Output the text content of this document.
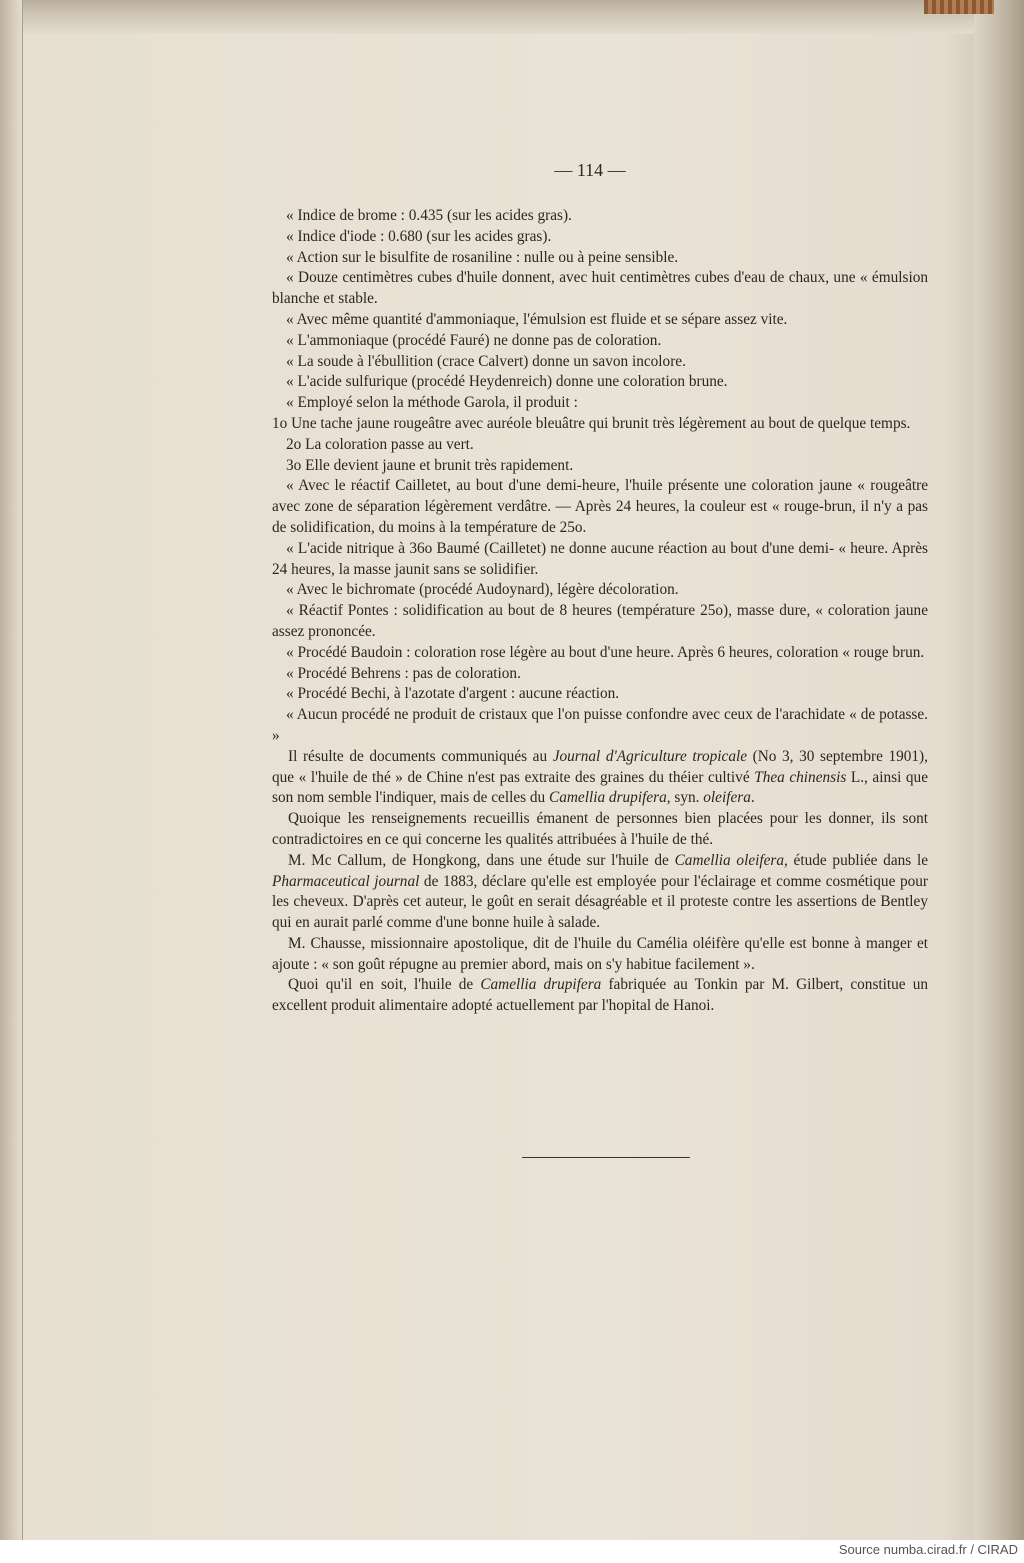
— 114 —

« Indice de brome : 0.435 (sur les acides gras).

« Indice d'iode : 0.680 (sur les acides gras).

« Action sur le bisulfite de rosaniline : nulle ou à peine sensible.

« Douze centimètres cubes d'huile donnent, avec huit centimètres cubes d'eau de chaux, une « émulsion blanche et stable.

« Avec même quantité d'ammoniaque, l'émulsion est fluide et se sépare assez vite.

« L'ammoniaque (procédé Fauré) ne donne pas de coloration.

« La soude à l'ébullition (crace Calvert) donne un savon incolore.

« L'acide sulfurique (procédé Heydenreich) donne une coloration brune.

« Employé selon la méthode Garola, il produit :

1o Une tache jaune rougeâtre avec auréole bleuâtre qui brunit très légèrement au bout de quelque temps.

2o La coloration passe au vert.

3o Elle devient jaune et brunit très rapidement.

« Avec le réactif Cailletet, au bout d'une demi-heure, l'huile présente une coloration jaune « rougeâtre avec zone de séparation légèrement verdâtre. — Après 24 heures, la couleur est « rouge-brun, il n'y a pas de solidification, du moins à la température de 25o.

« L'acide nitrique à 36o Baumé (Cailletet) ne donne aucune réaction au bout d'une demi- « heure. Après 24 heures, la masse jaunit sans se solidifier.

« Avec le bichromate (procédé Audoynard), légère décoloration.

« Réactif Pontes : solidification au bout de 8 heures (température 25o), masse dure, « coloration jaune assez prononcée.

« Procédé Baudoin : coloration rose légère au bout d'une heure. Après 6 heures, coloration « rouge brun.

« Procédé Behrens : pas de coloration.

« Procédé Bechi, à l'azotate d'argent : aucune réaction.

« Aucun procédé ne produit de cristaux que l'on puisse confondre avec ceux de l'arachidate « de potasse. »

Il résulte de documents communiqués au Journal d'Agriculture tropicale (No 3, 30 septembre 1901), que « l'huile de thé » de Chine n'est pas extraite des graines du théier cultivé Thea chinensis L., ainsi que son nom semble l'indiquer, mais de celles du Camellia drupifera, syn. oleifera.

Quoique les renseignements recueillis émanent de personnes bien placées pour les donner, ils sont contradictoires en ce qui concerne les qualités attribuées à l'huile de thé.

M. Mc Callum, de Hongkong, dans une étude sur l'huile de Camellia oleifera, étude publiée dans le Pharmaceutical journal de 1883, déclare qu'elle est employée pour l'éclairage et comme cosmétique pour les cheveux. D'après cet auteur, le goût en serait désagréable et il proteste contre les assertions de Bentley qui en aurait parlé comme d'une bonne huile à salade.

M. Chausse, missionnaire apostolique, dit de l'huile du Camélia oléifère qu'elle est bonne à manger et ajoute : « son goût répugne au premier abord, mais on s'y habitue facilement ».

Quoi qu'il en soit, l'huile de Camellia drupifera fabriquée au Tonkin par M. Gilbert, constitue un excellent produit alimentaire adopté actuellement par l'hopital de Hanoi.

Source numba.cirad.fr / CIRAD
